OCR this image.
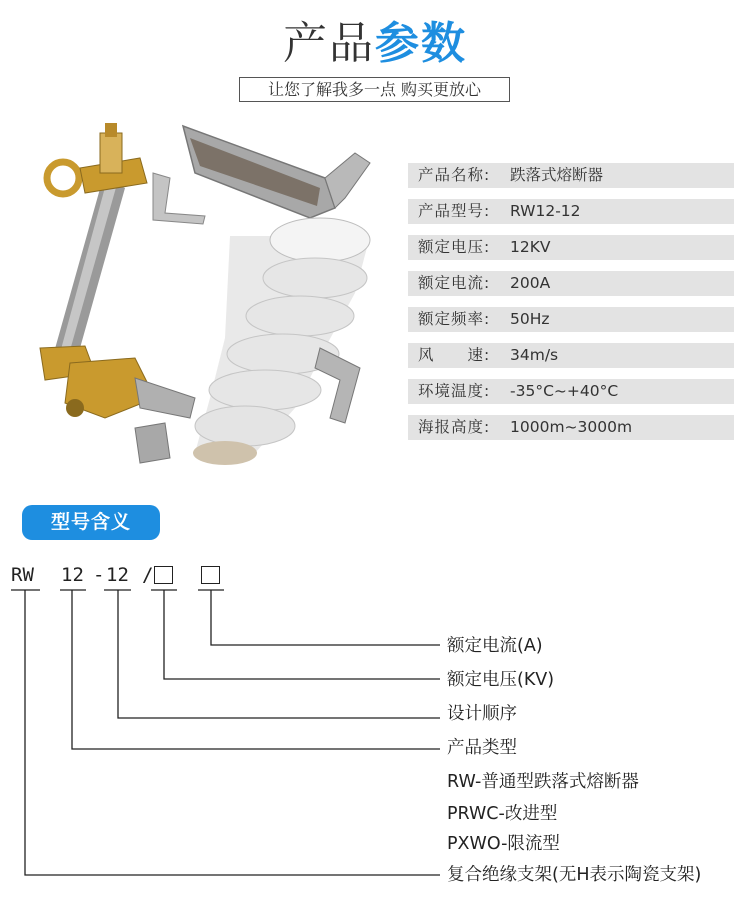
产品参数
让您了解我多一点 购买更放心
产品名称: 跌落式熔断器
产品型号: RW12-12
额定电压: 12KV
额定电流: 200A
额定频率: 50Hz
风　　速: 34m/s
环境温度: -35°C~+40°C
海报高度: 1000m~3000m
型号含义
RW 12 - 12 /
额定电流(A)
额定电压(KV)
设计顺序
产品类型
RW-普通型跌落式熔断器
PRWC-改进型
PXWO-限流型
复合绝缘支架(无H表示陶瓷支架)
